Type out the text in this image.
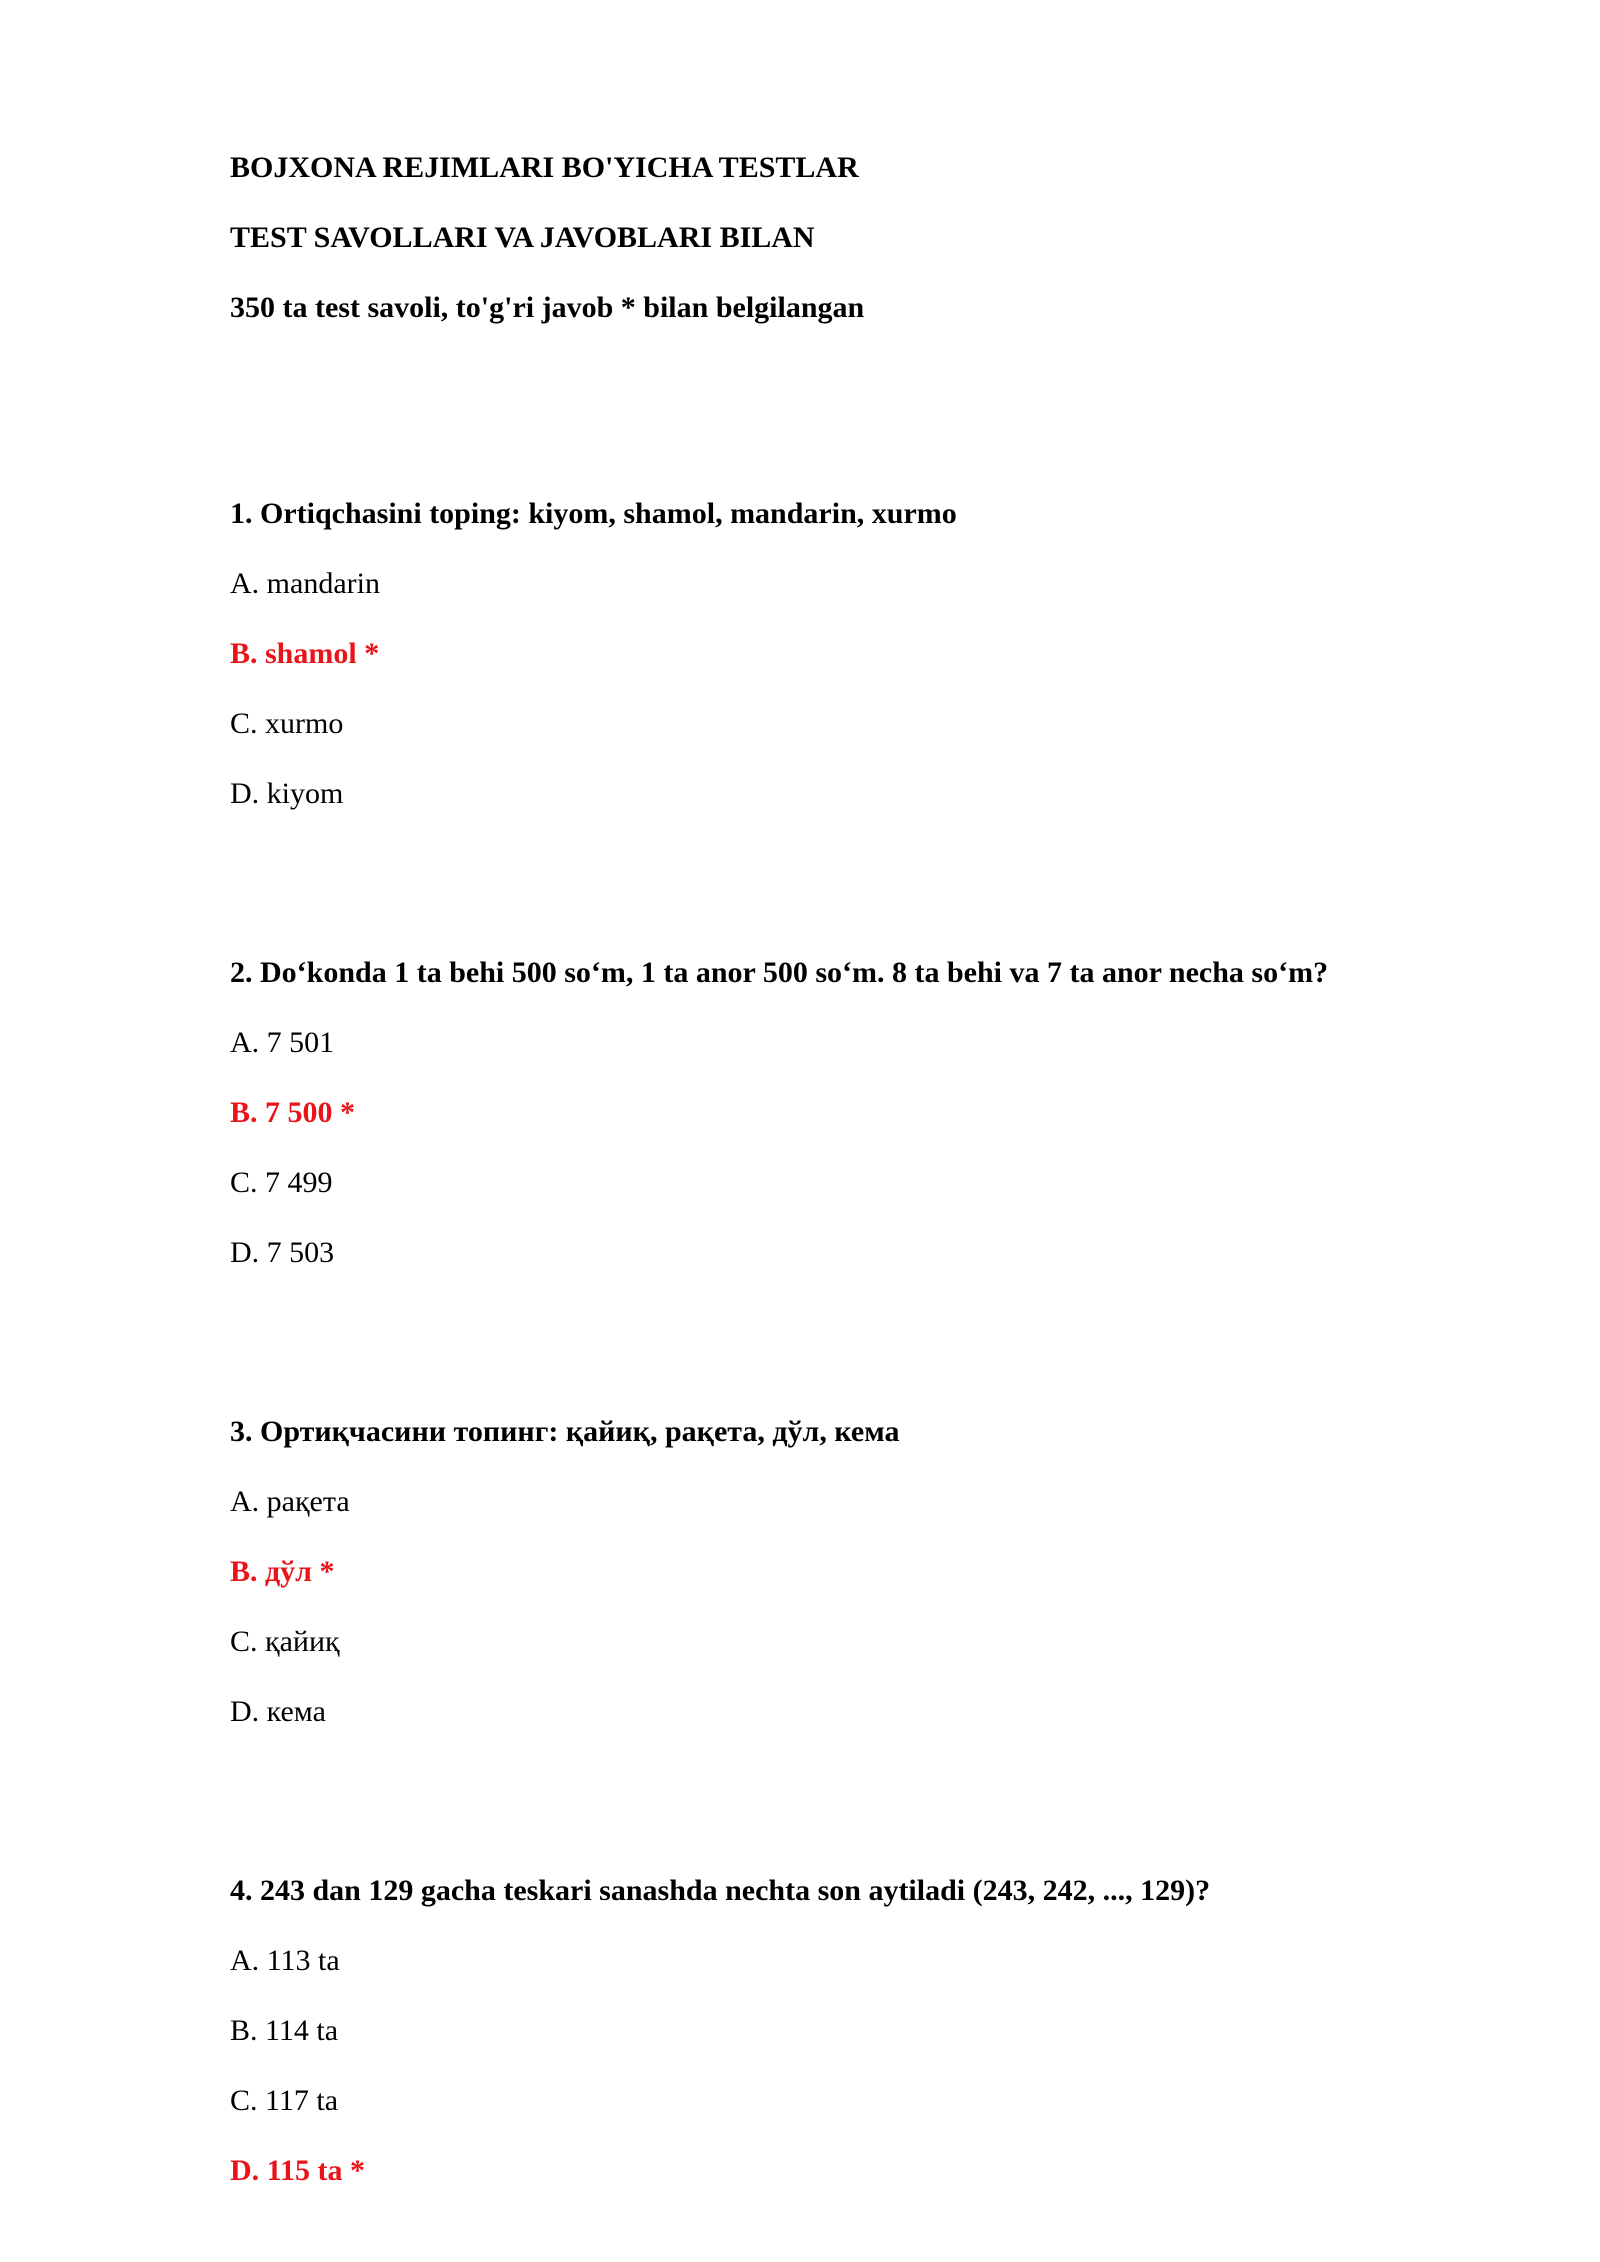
BOJXONA REJIMLARI BO'YICHA TESTLAR

TEST SAVOLLARI VA JAVOBLARI BILAN

350 ta test savoli, to'g'ri javob * bilan belgilangan

1. Ortiqchasini toping: kiyom, shamol, mandarin, xurmo

A. mandarin

B. shamol *

C. xurmo

D. kiyom

2. Do‘konda 1 ta behi 500 so‘m, 1 ta anor 500 so‘m. 8 ta behi va 7 ta anor necha so‘m?

A. 7 501

B. 7 500 *

C. 7 499

D. 7 503

3. Ортиқчасини топинг: қайиқ, рақета, дўл, кема

A. рақета

B. дўл *

C. қайиқ

D. кема

4. 243 dan 129 gacha teskari sanashda nechta son aytiladi (243, 242, ..., 129)?

A. 113 ta

B. 114 ta

C. 117 ta

D. 115 ta *
